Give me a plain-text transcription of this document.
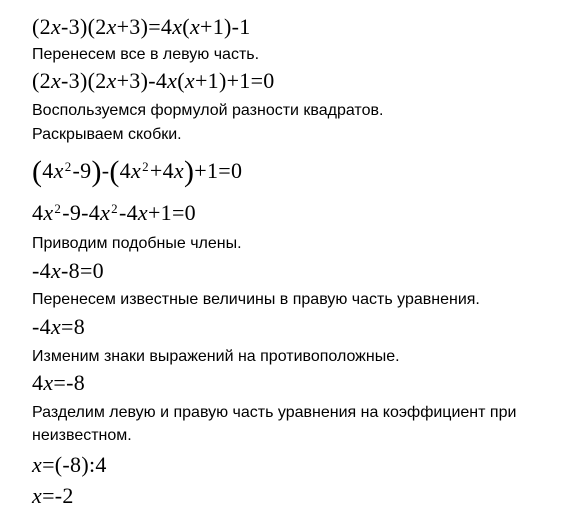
(2x-3)(2x+3)=4x(x+1)-1
Перенесем все в левую часть.
(2x-3)(2x+3)-4x(x+1)+1=0
Воспользуемся формулой разности квадратов.
Раскрываем скобки.
$(4x^2-9)-(4x^2+4x)+1=0$
$4x^2-9-4x^2-4x+1=0$
Приводим подобные члены.
-4x-8=0
Перенесем известные величины в правую часть уравнения.
-4x=8
Изменим знаки выражений на противоположные.
4x=-8
Разделим левую и правую часть уравнения на коэффициент при
неизвестном.
x=(-8):4
x=-2
